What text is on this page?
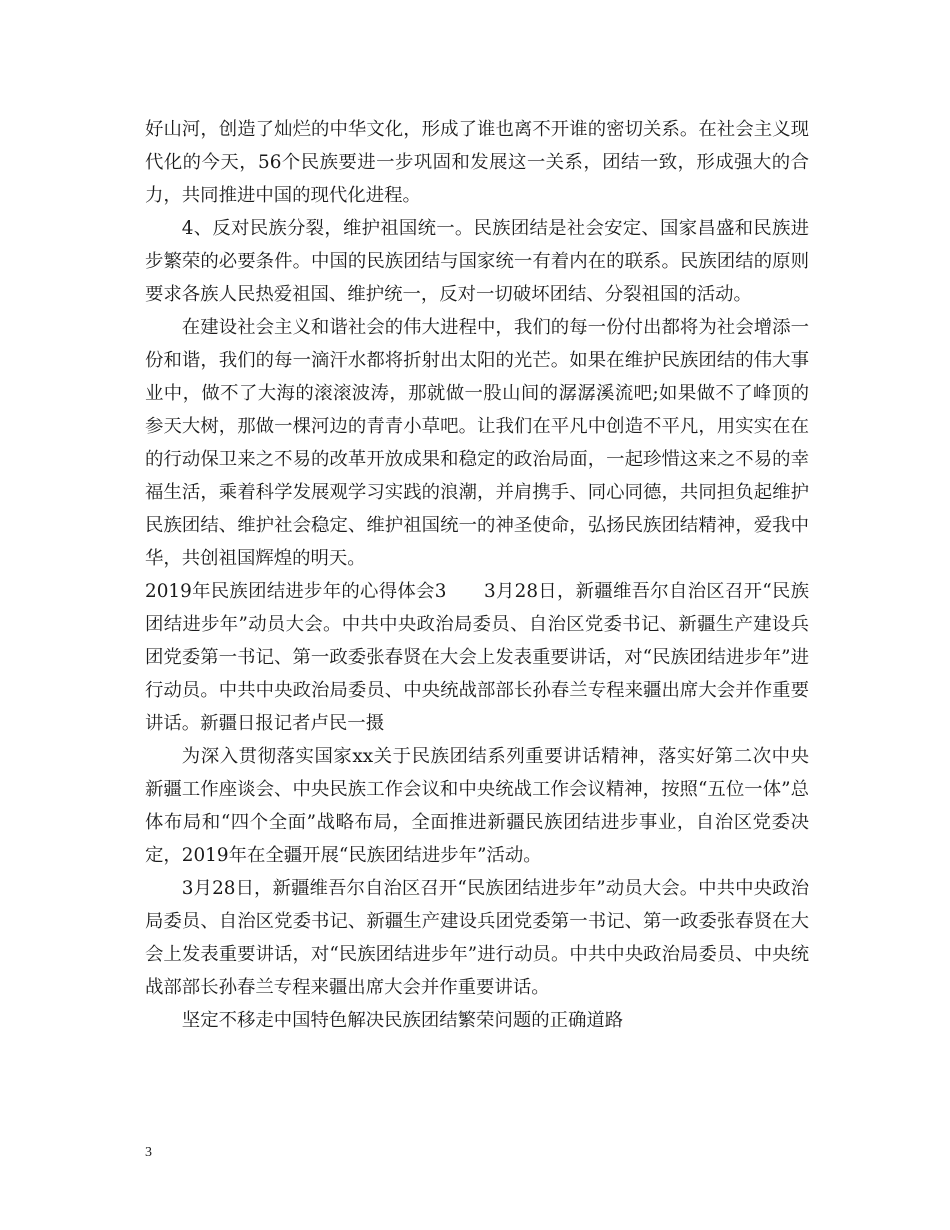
好山河，创造了灿烂的中华文化，形成了谁也离不开谁的密切关系。在社会主义现代化的今天，56个民族要进一步巩固和发展这一关系，团结一致，形成强大的合力，共同推进中国的现代化进程。

4、反对民族分裂，维护祖国统一。民族团结是社会安定、国家昌盛和民族进步繁荣的必要条件。中国的民族团结与国家统一有着内在的联系。民族团结的原则要求各族人民热爱祖国、维护统一，反对一切破坏团结、分裂祖国的活动。

在建设社会主义和谐社会的伟大进程中，我们的每一份付出都将为社会增添一份和谐，我们的每一滴汗水都将折射出太阳的光芒。如果在维护民族团结的伟大事业中，做不了大海的滚滚波涛，那就做一股山间的潺潺溪流吧;如果做不了峰顶的参天大树，那做一棵河边的青青小草吧。让我们在平凡中创造不平凡，用实实在在的行动保卫来之不易的改革开放成果和稳定的政治局面，一起珍惜这来之不易的幸福生活，乘着科学发展观学习实践的浪潮，并肩携手、同心同德，共同担负起维护民族团结、维护社会稳定、维护祖国统一的神圣使命，弘扬民族团结精神，爱我中华，共创祖国辉煌的明天。

2019年民族团结进步年的心得体会3　　3月28日，新疆维吾尔自治区召开“民族团结进步年”动员大会。中共中央政治局委员、自治区党委书记、新疆生产建设兵团党委第一书记、第一政委张春贤在大会上发表重要讲话，对“民族团结进步年”进行动员。中共中央政治局委员、中央统战部部长孙春兰专程来疆出席大会并作重要讲话。新疆日报记者卢民一摄

为深入贯彻落实国家xx关于民族团结系列重要讲话精神，落实好第二次中央新疆工作座谈会、中央民族工作会议和中央统战工作会议精神，按照“五位一体”总体布局和“四个全面”战略布局，全面推进新疆民族团结进步事业，自治区党委决定，2019年在全疆开展“民族团结进步年”活动。

3月28日，新疆维吾尔自治区召开“民族团结进步年”动员大会。中共中央政治局委员、自治区党委书记、新疆生产建设兵团党委第一书记、第一政委张春贤在大会上发表重要讲话，对“民族团结进步年”进行动员。中共中央政治局委员、中央统战部部长孙春兰专程来疆出席大会并作重要讲话。

坚定不移走中国特色解决民族团结繁荣问题的正确道路

3
